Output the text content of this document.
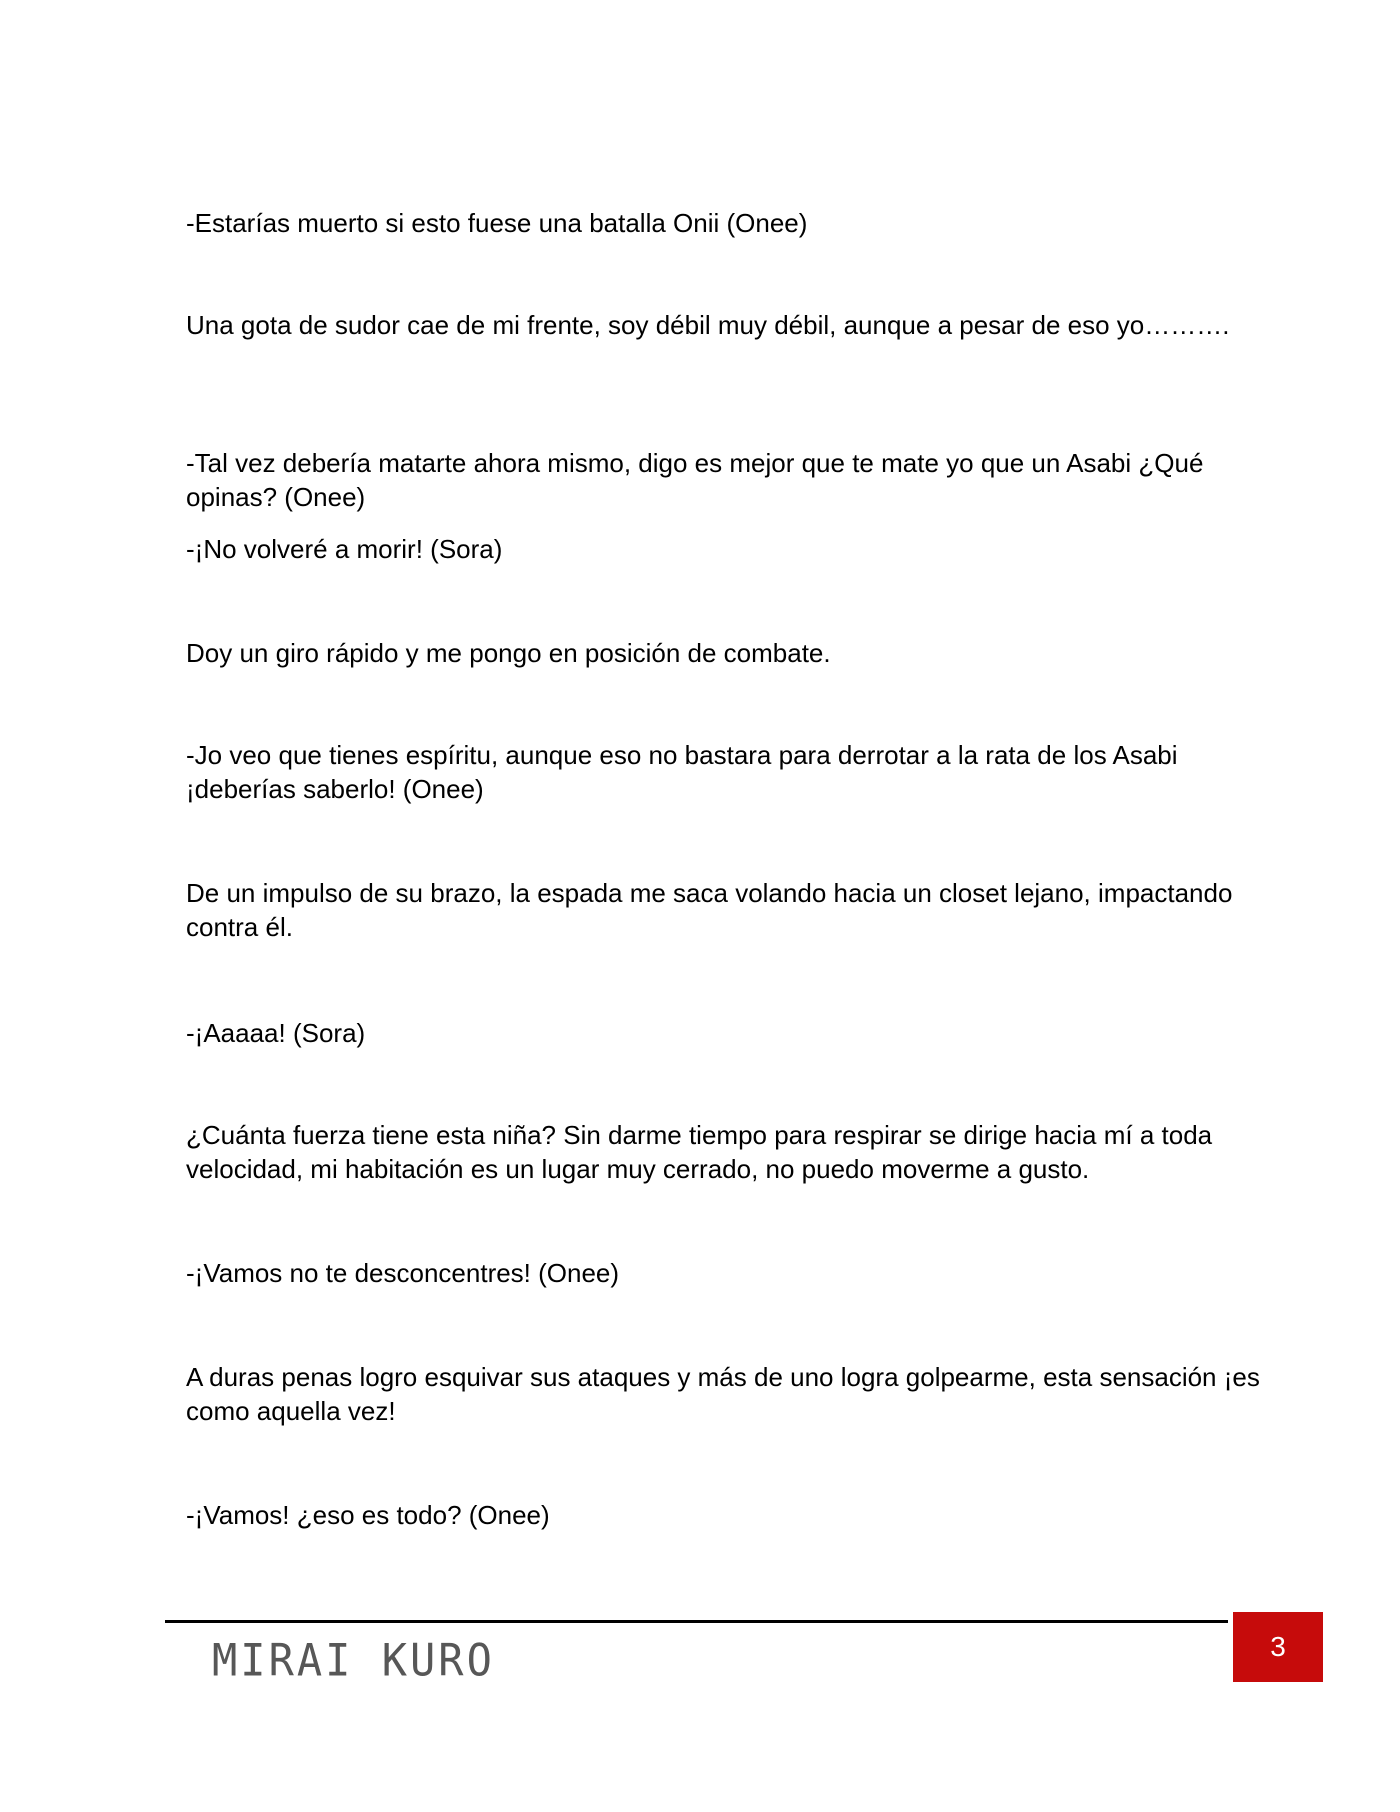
-Estarías muerto si esto fuese una batalla Onii (Onee)

Una gota de sudor cae de mi frente, soy débil muy débil, aunque a pesar de eso yo……….

-Tal vez debería matarte ahora mismo, digo es mejor que te mate yo que un Asabi ¿Qué opinas? (Onee)

-¡No volveré a morir! (Sora)

Doy un giro rápido y me pongo en posición de combate.

-Jo veo que tienes espíritu, aunque eso no bastara para derrotar a la rata de los Asabi ¡deberías saberlo! (Onee)

De un impulso de su brazo, la espada me saca volando hacia un closet lejano, impactando contra él.

-¡Aaaaa! (Sora)

¿Cuánta fuerza tiene esta niña? Sin darme tiempo para respirar se dirige hacia mí a toda velocidad, mi habitación es un lugar muy cerrado, no puedo moverme a gusto.

-¡Vamos no te desconcentres! (Onee)

A duras penas logro esquivar sus ataques y más de uno logra golpearme, esta sensación ¡es como aquella vez!

-¡Vamos! ¿eso es todo? (Onee)

MIRAI KURO	3
